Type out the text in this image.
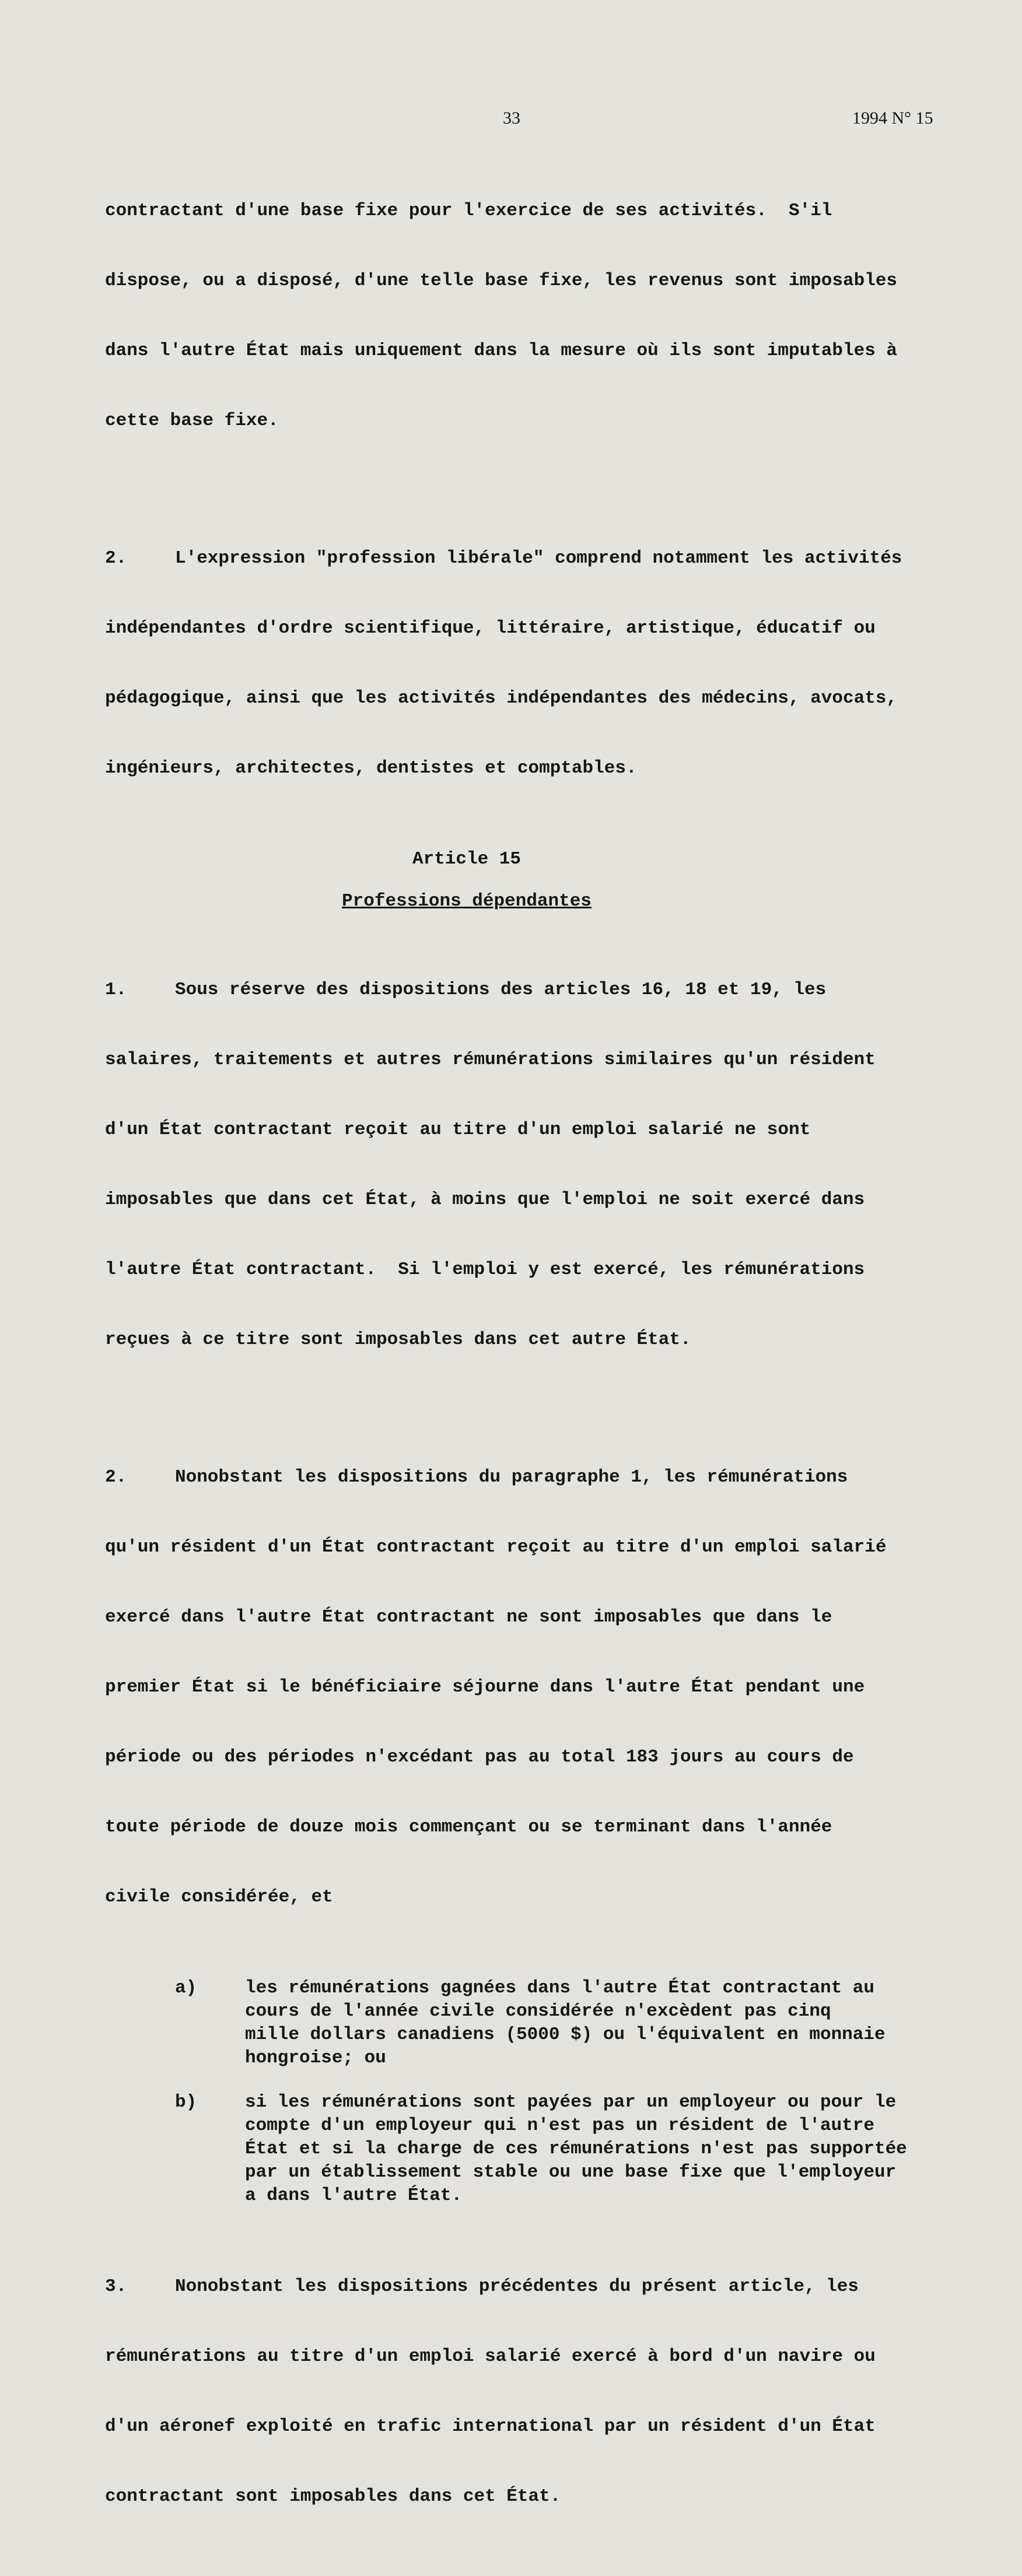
33	1994 N° 15

contractant d'une base fixe pour l'exercice de ses activités.  S'il

dispose, ou a disposé, d'une telle base fixe, les revenus sont imposables

dans l'autre État mais uniquement dans la mesure où ils sont imputables à

cette base fixe.

2.	L'expression "profession libérale" comprend notamment les activités

indépendantes d'ordre scientifique, littéraire, artistique, éducatif ou

pédagogique, ainsi que les activités indépendantes des médecins, avocats,

ingénieurs, architectes, dentistes et comptables.

Article 15
Professions dépendantes

1.	Sous réserve des dispositions des articles 16, 18 et 19, les

salaires, traitements et autres rémunérations similaires qu'un résident

d'un État contractant reçoit au titre d'un emploi salarié ne sont

imposables que dans cet État, à moins que l'emploi ne soit exercé dans

l'autre État contractant.  Si l'emploi y est exercé, les rémunérations

reçues à ce titre sont imposables dans cet autre État.

2.	Nonobstant les dispositions du paragraphe 1, les rémunérations

qu'un résident d'un État contractant reçoit au titre d'un emploi salarié

exercé dans l'autre État contractant ne sont imposables que dans le

premier État si le bénéficiaire séjourne dans l'autre État pendant une

période ou des périodes n'excédant pas au total 183 jours au cours de

toute période de douze mois commençant ou se terminant dans l'année

civile considérée, et

a)	les rémunérations gagnées dans l'autre État contractant au
cours de l'année civile considérée n'excèdent pas cinq
mille dollars canadiens (5000 $) ou l'équivalent en monnaie
hongroise; ou
b)	si les rémunérations sont payées par un employeur ou pour le
compte d'un employeur qui n'est pas un résident de l'autre
État et si la charge de ces rémunérations n'est pas supportée
par un établissement stable ou une base fixe que l'employeur
a dans l'autre État.

3.	Nonobstant les dispositions précédentes du présent article, les

rémunérations au titre d'un emploi salarié exercé à bord d'un navire ou

d'un aéronef exploité en trafic international par un résident d'un État

contractant sont imposables dans cet État.
